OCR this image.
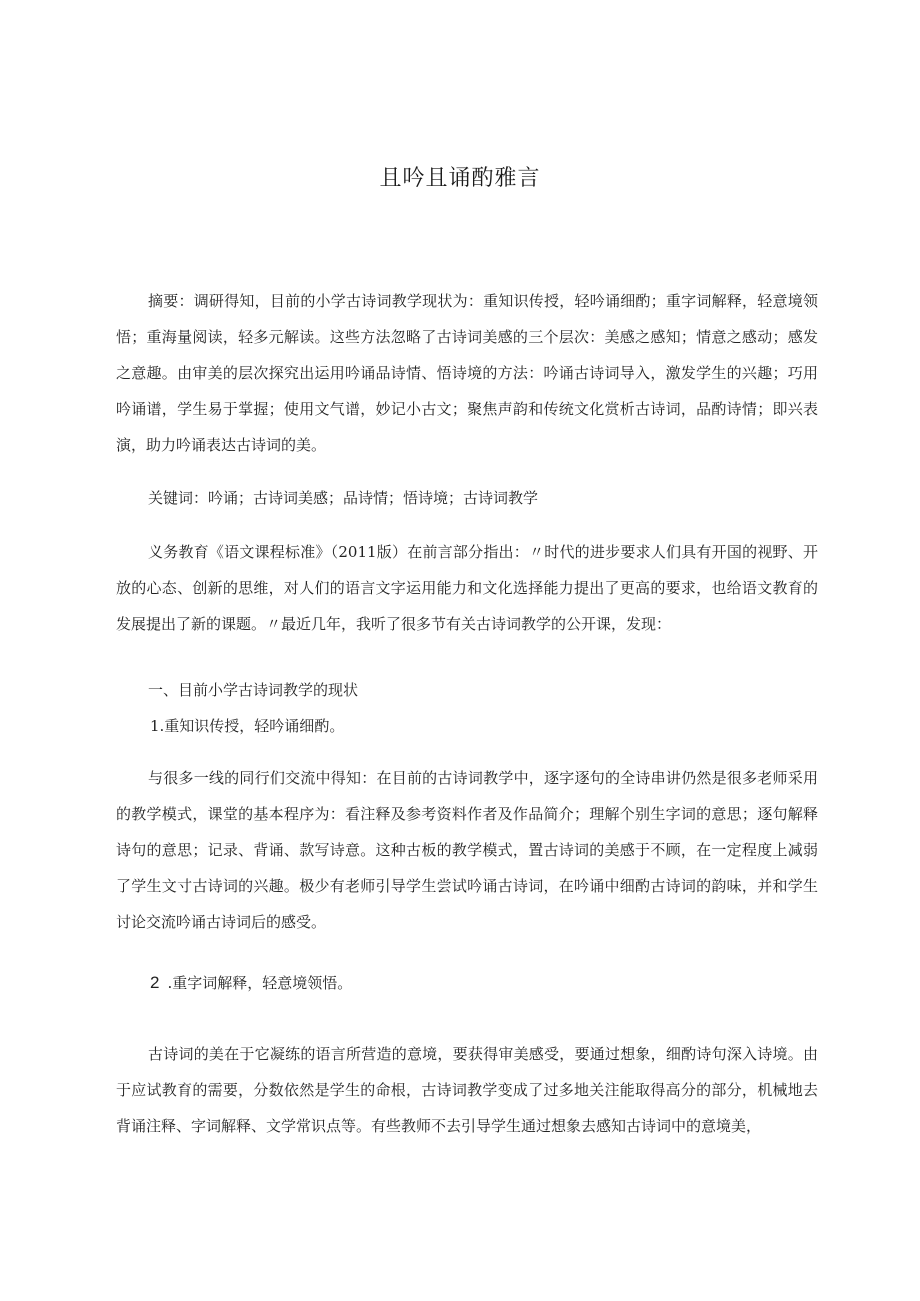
且吟且诵酌雅言
摘要：调研得知，目前的小学古诗词教学现状为：重知识传授，轻吟诵细酌；重字词解释，轻意境领悟；重海量阅读，轻多元解读。这些方法忽略了古诗词美感的三个层次：美感之感知；情意之感动；感发之意趣。由审美的层次探究出运用吟诵品诗情、悟诗境的方法：吟诵古诗词导入，激发学生的兴趣；巧用吟诵谱，学生易于掌握；使用文气谱，妙记小古文；聚焦声韵和传统文化赏析古诗词，品酌诗情；即兴表演，助力吟诵表达古诗词的美。
关键词：吟诵；古诗词美感；品诗情；悟诗境；古诗词教学
义务教育《语文课程标准》（2011版）在前言部分指出：〃时代的进步要求人们具有开国的视野、开放的心态、创新的思维，对人们的语言文字运用能力和文化选择能力提出了更高的要求，也给语文教育的发展提出了新的课题。〃最近几年，我听了很多节有关古诗词教学的公开课，发现：
一、目前小学古诗词教学的现状
1.重知识传授，轻吟诵细酌。
与很多一线的同行们交流中得知：在目前的古诗词教学中，逐字逐句的全诗串讲仍然是很多老师采用的教学模式，课堂的基本程序为：看注释及参考资料作者及作品简介；理解个别生字词的意思；逐句解释诗句的意思；记录、背诵、款写诗意。这种古板的教学模式，置古诗词的美感于不顾，在一定程度上减弱了学生文寸古诗词的兴趣。极少有老师引导学生尝试吟诵古诗词，在吟诵中细酌古诗词的韵味，并和学生讨论交流吟诵古诗词后的感受。
2 .重字词解释，轻意境领悟。
古诗词的美在于它凝练的语言所营造的意境，要获得审美感受，要通过想象，细酌诗句深入诗境。由于应试教育的需要，分数依然是学生的命根，古诗词教学变成了过多地关注能取得高分的部分，机械地去背诵注释、字词解释、文学常识点等。有些教师不去引导学生通过想象去感知古诗词中的意境美，
